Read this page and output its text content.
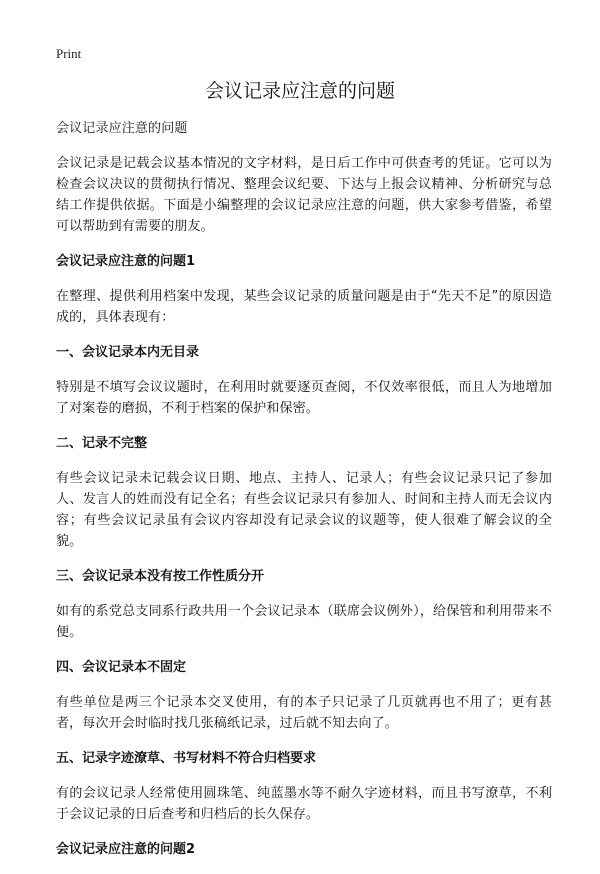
Print
会议记录应注意的问题

会议记录应注意的问题

会议记录是记载会议基本情况的文字材料，是日后工作中可供查考的凭证。它可以为检查会议决议的贯彻执行情况、整理会议纪要、下达与上报会议精神、分析研究与总结工作提供依据。下面是小编整理的会议记录应注意的问题，供大家参考借鉴，希望可以帮助到有需要的朋友。

会议记录应注意的问题1

在整理、提供利用档案中发现，某些会议记录的质量问题是由于“先天不足”的原因造成的，具体表现有：

一、会议记录本内无目录

特别是不填写会议议题时，在利用时就要逐页查阅，不仅效率很低，而且人为地增加了对案卷的磨损，不利于档案的保护和保密。

二、记录不完整

有些会议记录未记载会议日期、地点、主持人、记录人；有些会议记录只记了参加人、发言人的姓而没有记全名；有些会议记录只有参加人、时间和主持人而无会议内容；有些会议记录虽有会议内容却没有记录会议的议题等，使人很难了解会议的全貌。

三、会议记录本没有按工作性质分开

如有的系党总支同系行政共用一个会议记录本（联席会议例外），给保管和利用带来不便。

四、会议记录本不固定

有些单位是两三个记录本交叉使用，有的本子只记录了几页就再也不用了；更有甚者，每次开会时临时找几张稿纸记录，过后就不知去向了。

五、记录字迹潦草、书写材料不符合归档要求

有的会议记录人经常使用圆珠笔、纯蓝墨水等不耐久字迹材料，而且书写潦草，不利于会议记录的日后查考和归档后的长久保存。

会议记录应注意的问题2
